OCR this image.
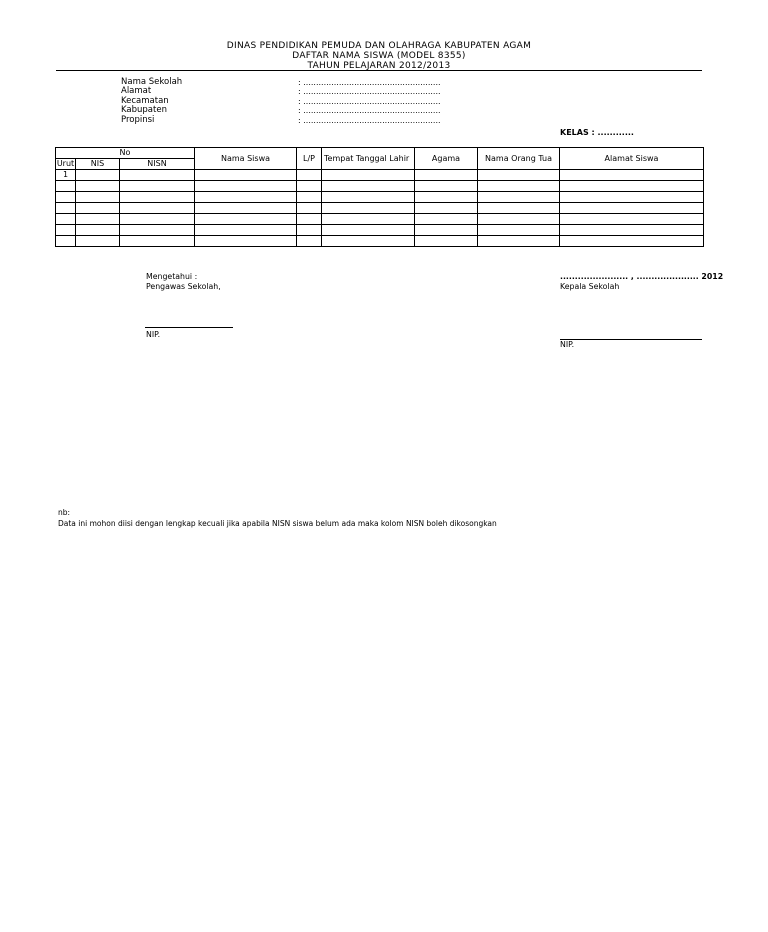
DINAS PENDIDIKAN PEMUDA DAN OLAHRAGA KABUPATEN AGAM
DAFTAR NAMA SISWA (MODEL 8355)
TAHUN PELAJARAN 2012/2013
Nama Sekolah	: ......................................................
Alamat	: ......................................................
Kecamatan	: ......................................................
Kabupaten	: ......................................................
Propinsi	: ......................................................
KELAS : ............
No			Nama Siswa	L/P	Tempat Tanggal Lahir	Agama	Nama Orang Tua	Alamat Siswa
Urut	NIS	NISN						
1								

Mengetahui :
Pengawas Sekolah,
NIP.
....................... , ..................... 2012
Kepala Sekolah
NIP.
nb:
Data ini mohon diisi dengan lengkap kecuali jika apabila NISN siswa belum ada maka kolom NISN boleh dikosongkan
